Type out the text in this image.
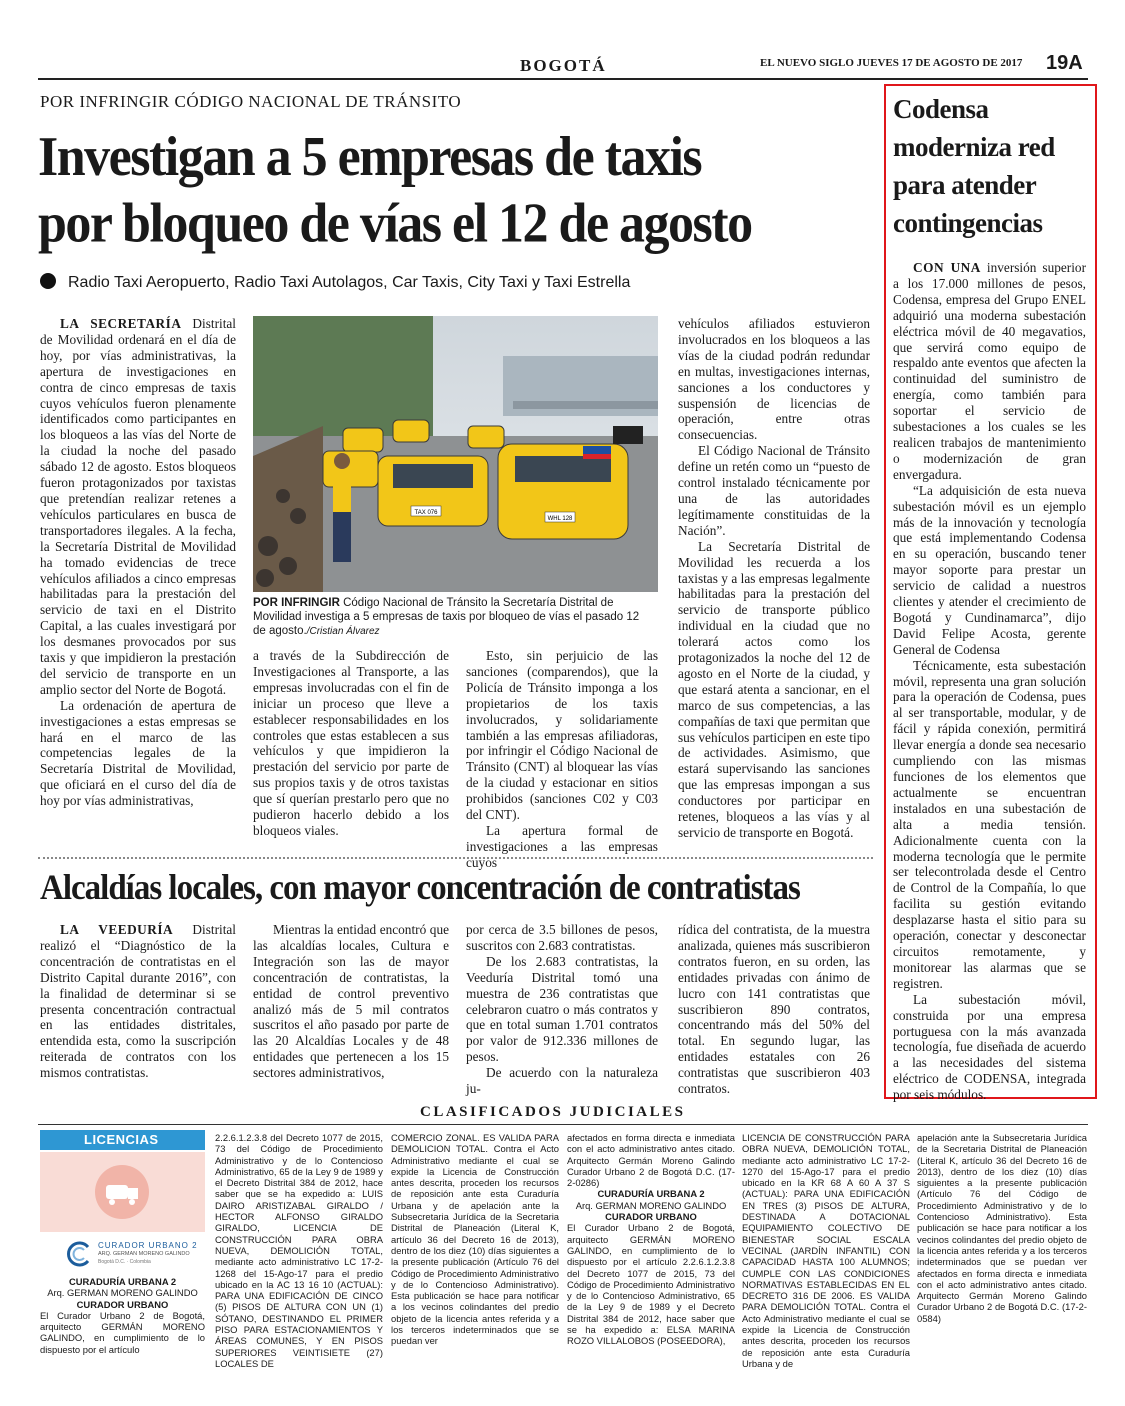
BOGOTÁ	EL NUEVO SIGLO JUEVES 17 DE AGOSTO DE 2017 19A
POR INFRINGIR CÓDIGO NACIONAL DE TRÁNSITO
Investigan a 5 empresas de taxis
por bloqueo de vías el 12 de agosto
Radio Taxi Aeropuerto, Radio Taxi Autolagos, Car Taxis, City Taxi y Taxi Estrella

LA SECRETARÍA Distrital de Movilidad ordenará en el día de hoy, por vías administrativas, la apertura de investigaciones en contra de cinco empresas de taxis cuyos vehículos fueron plenamente identificados como participantes en los bloqueos a las vías del Norte de la ciudad la noche del pasado sábado 12 de agosto. Estos bloqueos fueron protagonizados por taxistas que pretendían realizar retenes a vehículos particulares en busca de transportadores ilegales. A la fecha, la Secretaría Distrital de Movilidad ha tomado evidencias de trece vehículos afiliados a cinco empresas habilitadas para la prestación del servicio de taxi en el Distrito Capital, a las cuales investigará por los desmanes provocados por sus taxis y que impidieron la prestación del servicio de transporte en un amplio sector del Norte de Bogotá.

La ordenación de apertura de investigaciones a estas empresas se hará en el marco de las competencias legales de la Secretaría Distrital de Movilidad, que oficiará en el curso del día de hoy por vías administrativas,

TAX 076
WHL 128
POR INFRINGIR Código Nacional de Tránsito la Secretaría Distrital de Movilidad investiga a 5 empresas de taxis por bloqueo de vías el pasado 12 de agosto./Cristian Álvarez

a través de la Subdirección de Investigaciones al Transporte, a las empresas involucradas con el fin de iniciar un proceso que lleve a establecer responsabilidades en los controles que estas establecen a sus vehículos y que impidieron la prestación del servicio por parte de sus propios taxis y de otros taxistas que sí querían prestarlo pero que no pudieron hacerlo debido a los bloqueos viales.

Esto, sin perjuicio de las sanciones (comparendos), que la Policía de Tránsito imponga a los propietarios de los taxis involucrados, y solidariamente también a las empresas afiliadoras, por infringir el Código Nacional de Tránsito (CNT) al bloquear las vías de la ciudad y estacionar en sitios prohibidos (sanciones C02 y C03 del CNT).

La apertura formal de investigaciones a las empresas cuyos

vehículos afiliados estuvieron involucrados en los bloqueos a las vías de la ciudad podrán redundar en multas, investigaciones internas, sanciones a los conductores y suspensión de licencias de operación, entre otras consecuencias.

El Código Nacional de Tránsito define un retén como un “puesto de control instalado técnicamente por una de las autoridades legítimamente constituidas de la Nación”.

La Secretaría Distrital de Movilidad les recuerda a los taxistas y a las empresas legalmente habilitadas para la prestación del servicio de transporte público individual en la ciudad que no tolerará actos como los protagonizados la noche del 12 de agosto en el Norte de la ciudad, y que estará atenta a sancionar, en el marco de sus competencias, a las compañías de taxi que permitan que sus vehículos participen en este tipo de actividades. Asimismo, que estará supervisando las sanciones que las empresas impongan a sus conductores por participar en retenes, bloqueos a las vías y al servicio de transporte en Bogotá.

Alcaldías locales, con mayor concentración de contratistas

LA VEEDURÍA Distrital realizó el “Diagnóstico de la concentración de contratistas en el Distrito Capital durante 2016”, con la finalidad de determinar si se presenta concentración contractual en las entidades distritales, entendida esta, como la suscripción reiterada de contratos con los mismos contratistas.

Mientras la entidad encontró que las alcaldías locales, Cultura e Integración son las de mayor concentración de contratistas, la entidad de control preventivo analizó más de 5 mil contratos suscritos el año pasado por parte de las 20 Alcaldías Locales y de 48 entidades que pertenecen a los 15 sectores administrativos,

por cerca de 3.5 billones de pesos, suscritos con 2.683 contratistas.

De los 2.683 contratistas, la Veeduría Distrital tomó una muestra de 236 contratistas que celebraron cuatro o más contratos y que en total suman 1.701 contratos por valor de 912.336 millones de pesos.

De acuerdo con la naturaleza ju-

rídica del contratista, de la muestra analizada, quienes más suscribieron contratos fueron, en su orden, las entidades privadas con ánimo de lucro con 141 contratistas que suscribieron 890 contratos, concentrando más del 50% del total. En segundo lugar, las entidades estatales con 26 contratistas que suscribieron 403 contratos.

Codensa moderniza red para atender contingencias

CON UNA inversión superior a los 17.000 millones de pesos, Codensa, empresa del Grupo ENEL adquirió una moderna subestación eléctrica móvil de 40 megavatios, que servirá como equipo de respaldo ante eventos que afecten la continuidad del suministro de energía, como también para soportar el servicio de subestaciones a los cuales se les realicen trabajos de mantenimiento o modernización de gran envergadura.

“La adquisición de esta nueva subestación móvil es un ejemplo más de la innovación y tecnología que está implementando Codensa en su operación, buscando tener mayor soporte para prestar un servicio de calidad a nuestros clientes y atender el crecimiento de Bogotá y Cundinamarca”, dijo David Felipe Acosta, gerente General de Codensa

Técnicamente, esta subestación móvil, representa una gran solución para la operación de Codensa, pues al ser transportable, modular, y de fácil y rápida conexión, permitirá llevar energía a donde sea necesario cumpliendo con las mismas funciones de los elementos que actualmente se encuentran instalados en una subestación de alta a media tensión. Adicionalmente cuenta con la moderna tecnología que le permite ser telecontrolada desde el Centro de Control de la Compañía, lo que facilita su gestión evitando desplazarse hasta el sitio para su operación, conectar y desconectar circuitos remotamente, y monitorear las alarmas que se registren.

La subestación móvil, construida por una empresa portuguesa con la más avanzada tecnología, fue diseñada de acuerdo a las necesidades del sistema eléctrico de CODENSA, integrada por seis módulos.

CLASIFICADOS JUDICIALES
LICENCIAS
CURADOR URBANO 2
ARQ. GERMAN MORENO GALINDO
Bogotá D.C. · Colombia

CURADURÍA URBANA 2

Arq. GERMAN MORENO GALINDO

CURADOR URBANO

El Curador Urbano 2 de Bogotá, arquitecto GERMÁN MORENO GALINDO, en cumplimiento de lo dispuesto por el artículo

2.2.6.1.2.3.8 del Decreto 1077 de 2015, 73 del Código de Procedimiento Administrativo y de lo Contencioso Administrativo, 65 de la Ley 9 de 1989 y el Decreto Distrital 384 de 2012, hace saber que se ha expedido a: LUIS DAIRO ARISTIZABAL GIRALDO / HECTOR ALFONSO GIRALDO GIRALDO, LICENCIA DE CONSTRUCCIÓN PARA OBRA NUEVA, DEMOLICIÓN TOTAL, mediante acto administrativo LC 17-2-1268 del 15-Ago-17 para el predio ubicado en la AC 13 16 10 (ACTUAL): PARA UNA EDIFICACIÓN DE CINCO (5) PISOS DE ALTURA CON UN (1) SÓTANO, DESTINANDO EL PRIMER PISO PARA ESTACIONAMIENTOS Y ÁREAS COMUNES, Y EN PISOS SUPERIORES VEINTISIETE (27) LOCALES DE

COMERCIO ZONAL. ES VALIDA PARA DEMOLICION TOTAL. Contra el Acto Administrativo mediante el cual se expide la Licencia de Construcción antes descrita, proceden los recursos de reposición ante esta Curaduría Urbana y de apelación ante la Subsecretaria Jurídica de la Secretaria Distrital de Planeación (Literal K, artículo 36 del Decreto 16 de 2013), dentro de los diez (10) días siguientes a la presente publicación (Artículo 76 del Código de Procedimiento Administrativo y de lo Contencioso Administrativo). Esta publicación se hace para notificar a los vecinos colindantes del predio objeto de la licencia antes referida y a los terceros indeterminados que se puedan ver

afectados en forma directa e inmediata con el acto administrativo antes citado. Arquitecto Germán Moreno Galindo Curador Urbano 2 de Bogotá D.C. (17-2-0286)

CURADURÍA URBANA 2

Arq. GERMAN MORENO GALINDO

CURADOR URBANO

El Curador Urbano 2 de Bogotá, arquitecto GERMÁN MORENO GALINDO, en cumplimiento de lo dispuesto por el artículo 2.2.6.1.2.3.8 del Decreto 1077 de 2015, 73 del Código de Procedimiento Administrativo y de lo Contencioso Administrativo, 65 de la Ley 9 de 1989 y el Decreto Distrital 384 de 2012, hace saber que se ha expedido a: ELSA MARINA ROZO VILLALOBOS (POSEEDORA),

LICENCIA DE CONSTRUCCIÓN PARA OBRA NUEVA, DEMOLICIÓN TOTAL, mediante acto administrativo LC 17-2-1270 del 15-Ago-17 para el predio ubicado en la KR 68 A 60 A 37 S (ACTUAL): PARA UNA EDIFICACIÓN EN TRES (3) PISOS DE ALTURA, DESTINADA A DOTACIONAL EQUIPAMIENTO COLECTIVO DE BIENESTAR SOCIAL ESCALA VECINAL (JARDÍN INFANTIL) CON CAPACIDAD HASTA 100 ALUMNOS; CUMPLE CON LAS CONDICIONES NORMATIVAS ESTABLECIDAS EN EL DECRETO 316 DE 2006. ES VALIDA PARA DEMOLICIÓN TOTAL. Contra el Acto Administrativo mediante el cual se expide la Licencia de Construcción antes descrita, proceden los recursos de reposición ante esta Curaduría Urbana y de

apelación ante la Subsecretaria Jurídica de la Secretaria Distrital de Planeación (Literal K, artículo 36 del Decreto 16 de 2013), dentro de los diez (10) días siguientes a la presente publicación (Artículo 76 del Código de Procedimiento Administrativo y de lo Contencioso Administrativo). Esta publicación se hace para notificar a los vecinos colindantes del predio objeto de la licencia antes referida y a los terceros indeterminados que se puedan ver afectados en forma directa e inmediata con el acto administrativo antes citado. Arquitecto Germán Moreno Galindo Curador Urbano 2 de Bogotá D.C. (17-2-0584)
